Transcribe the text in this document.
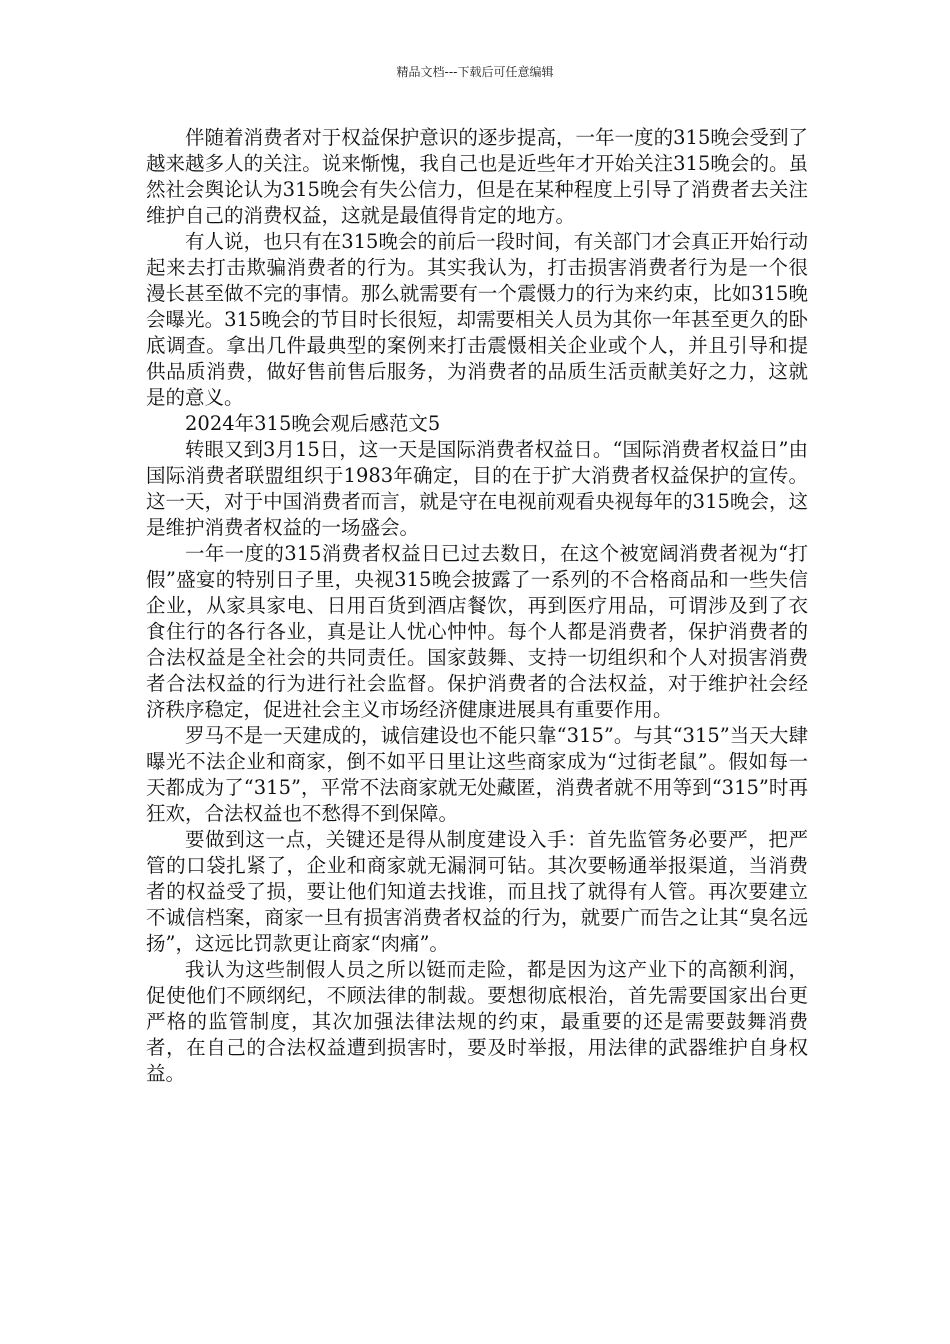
精品文档---下载后可任意编辑

伴随着消费者对于权益保护意识的逐步提高，一年一度的315晚会受到了越来越多人的关注。说来惭愧，我自己也是近些年才开始关注315晚会的。虽然社会舆论认为315晚会有失公信力，但是在某种程度上引导了消费者去关注维护自己的消费权益，这就是最值得肯定的地方。

有人说，也只有在315晚会的前后一段时间，有关部门才会真正开始行动起来去打击欺骗消费者的行为。其实我认为，打击损害消费者行为是一个很漫长甚至做不完的事情。那么就需要有一个震慑力的行为来约束，比如315晚会曝光。315晚会的节目时长很短，却需要相关人员为其你一年甚至更久的卧底调查。拿出几件最典型的案例来打击震慑相关企业或个人，并且引导和提供品质消费，做好售前售后服务，为消费者的品质生活贡献美好之力，这就是的意义。

2024年315晚会观后感范文5

转眼又到3月15日，这一天是国际消费者权益日。“国际消费者权益日”由国际消费者联盟组织于1983年确定，目的在于扩大消费者权益保护的宣传。这一天，对于中国消费者而言，就是守在电视前观看央视每年的315晚会，这是维护消费者权益的一场盛会。

一年一度的315消费者权益日已过去数日，在这个被宽阔消费者视为“打假”盛宴的特别日子里，央视315晚会披露了一系列的不合格商品和一些失信企业，从家具家电、日用百货到酒店餐饮，再到医疗用品，可谓涉及到了衣食住行的各行各业，真是让人忧心忡忡。每个人都是消费者，保护消费者的合法权益是全社会的共同责任。国家鼓舞、支持一切组织和个人对损害消费者合法权益的行为进行社会监督。保护消费者的合法权益，对于维护社会经济秩序稳定，促进社会主义市场经济健康进展具有重要作用。

罗马不是一天建成的，诚信建设也不能只靠“315”。与其“315”当天大肆曝光不法企业和商家，倒不如平日里让这些商家成为“过街老鼠”。假如每一天都成为了“315”，平常不法商家就无处藏匿，消费者就不用等到“315”时再狂欢，合法权益也不愁得不到保障。

要做到这一点，关键还是得从制度建设入手：首先监管务必要严，把严管的口袋扎紧了，企业和商家就无漏洞可钻。其次要畅通举报渠道，当消费者的权益受了损，要让他们知道去找谁，而且找了就得有人管。再次要建立不诚信档案，商家一旦有损害消费者权益的行为，就要广而告之让其“臭名远扬”，这远比罚款更让商家“肉痛”。

我认为这些制假人员之所以铤而走险，都是因为这产业下的高额利润，促使他们不顾纲纪，不顾法律的制裁。要想彻底根治，首先需要国家出台更严格的监管制度，其次加强法律法规的约束，最重要的还是需要鼓舞消费者，在自己的合法权益遭到损害时，要及时举报，用法律的武器维护自身权益。
